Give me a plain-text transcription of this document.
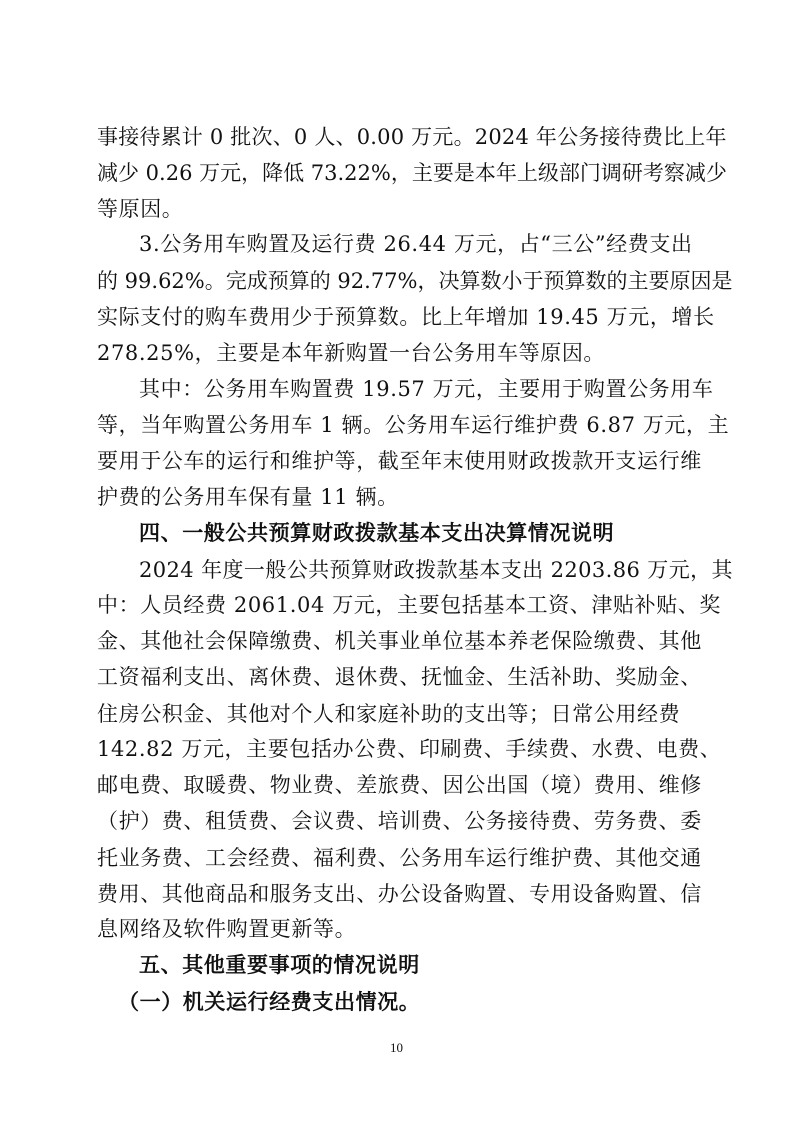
事接待累计 0 批次、0 人、0.00 万元。2024 年公务接待费比上年
减少 0.26 万元，降低 73.22%，主要是本年上级部门调研考察减少
等原因。
3.公务用车购置及运行费 26.44 万元，占“三公”经费支出
的 99.62%。完成预算的 92.77%，决算数小于预算数的主要原因是
实际支付的购车费用少于预算数。比上年增加 19.45 万元，增长
278.25%，主要是本年新购置一台公务用车等原因。
其中：公务用车购置费 19.57 万元，主要用于购置公务用车
等，当年购置公务用车 1 辆。公务用车运行维护费 6.87 万元，主
要用于公车的运行和维护等，截至年末使用财政拨款开支运行维
护费的公务用车保有量 11 辆。
四、一般公共预算财政拨款基本支出决算情况说明
2024 年度一般公共预算财政拨款基本支出 2203.86 万元，其
中：人员经费 2061.04 万元，主要包括基本工资、津贴补贴、奖
金、其他社会保障缴费、机关事业单位基本养老保险缴费、其他
工资福利支出、离休费、退休费、抚恤金、生活补助、奖励金、
住房公积金、其他对个人和家庭补助的支出等；日常公用经费
142.82 万元，主要包括办公费、印刷费、手续费、水费、电费、
邮电费、取暖费、物业费、差旅费、因公出国（境）费用、维修
（护）费、租赁费、会议费、培训费、公务接待费、劳务费、委
托业务费、工会经费、福利费、公务用车运行维护费、其他交通
费用、其他商品和服务支出、办公设备购置、专用设备购置、信
息网络及软件购置更新等。
五、其他重要事项的情况说明
（一）机关运行经费支出情况。
10
